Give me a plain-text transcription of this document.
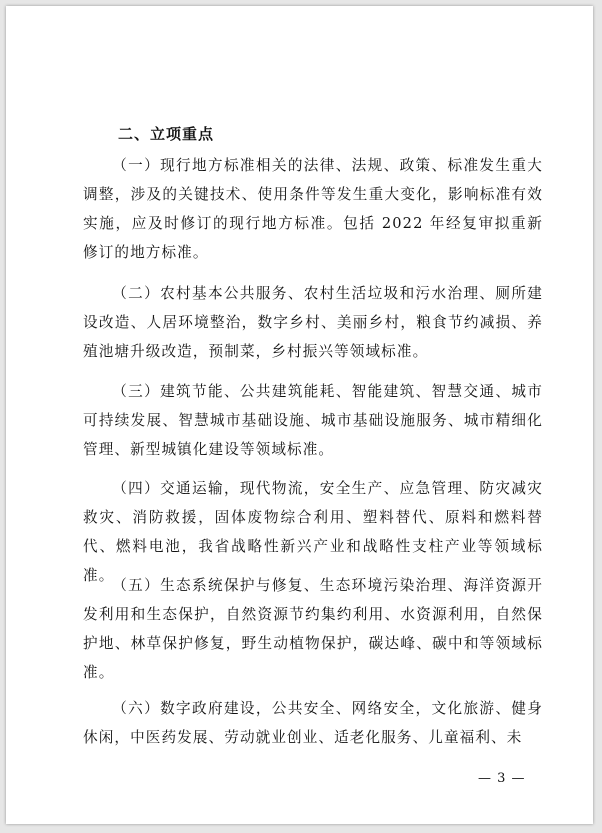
二、立项重点

（一）现行地方标准相关的法律、法规、政策、标准发生重大调整，涉及的关键技术、使用条件等发生重大变化，影响标准有效实施，应及时修订的现行地方标准。包括 2022 年经复审拟重新修订的地方标准。

（二）农村基本公共服务、农村生活垃圾和污水治理、厕所建设改造、人居环境整治，数字乡村、美丽乡村，粮食节约减损、养殖池塘升级改造，预制菜，乡村振兴等领域标准。

（三）建筑节能、公共建筑能耗、智能建筑、智慧交通、城市可持续发展、智慧城市基础设施、城市基础设施服务、城市精细化管理、新型城镇化建设等领域标准。

（四）交通运输，现代物流，安全生产、应急管理、防灾减灾救灾、消防救援，固体废物综合利用、塑料替代、原料和燃料替代、燃料电池，我省战略性新兴产业和战略性支柱产业等领域标准。

（五）生态系统保护与修复、生态环境污染治理、海洋资源开发利用和生态保护，自然资源节约集约利用、水资源利用，自然保护地、林草保护修复，野生动植物保护，碳达峰、碳中和等领域标准。

（六）数字政府建设，公共安全、网络安全，文化旅游、健身休闲，中医药发展、劳动就业创业、适老化服务、儿童福利、未

— 3 —
